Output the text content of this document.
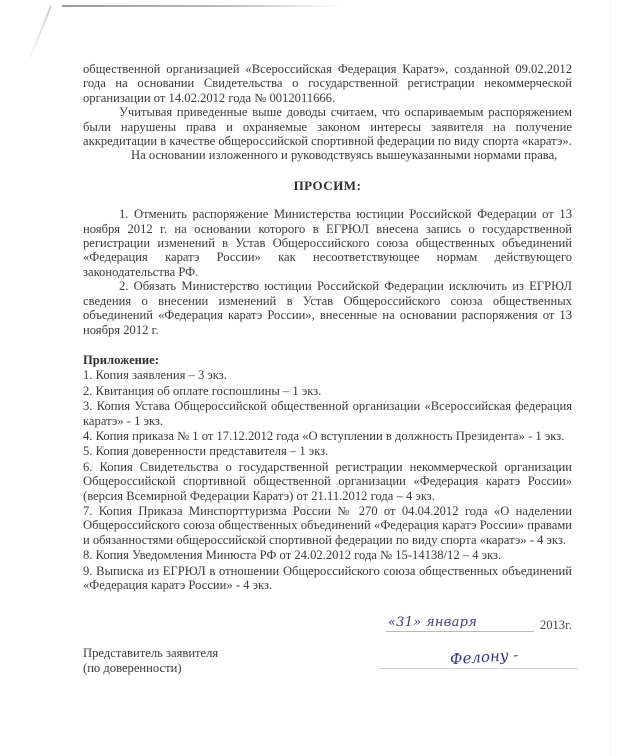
общественной организацией «Всероссийская Федерация Каратэ», созданной 09.02.2012 года на основании Свидетельства о государственной регистрации некоммерческой организации от 14.02.2012 года № 0012011666.

Учитывая приведенные выше доводы считаем, что оспариваемым распоряжением были нарушены права и охраняемые законом интересы заявителя на получение аккредитации в качестве общероссийской спортивной федерации по виду спорта «каратэ».

На основании изложенного и руководствуясь вышеуказанными нормами права,

ПРОСИМ:

1. Отменить распоряжение Министерства юстиции Российской Федерации от 13 ноября 2012 г. на основании которого в ЕГРЮЛ внесена запись о государственной регистрации изменений в Устав Общероссийского союза общественных объединений «Федерация каратэ России» как несоответствующее нормам действующего законодательства РФ.

2. Обязать Министерство юстиции Российской Федерации исключить из ЕГРЮЛ сведения о внесении изменений в Устав Общероссийского союза общественных объединений «Федерация каратэ России», внесенные на основании распоряжения от 13 ноября 2012 г.

Приложение:
1. Копия заявления – 3 экз.
2. Квитанция об оплате госпошлины – 1 экз.
3. Копия Устава Общероссийской общественной организации «Всероссийская федерация каратэ» - 1 экз.
4. Копия приказа № 1 от 17.12.2012 года «О вступлении в должность Президента» - 1 экз.
5. Копия доверенности представителя – 1 экз.
6. Копия Свидетельства о государственной регистрации некоммерческой организации Общероссийской спортивной общественной организации «Федерация каратэ России» (версия Всемирной Федерации Каратэ) от 21.11.2012 года – 4 экз.
7. Копия Приказа Минспорттуризма России № 270 от 04.04.2012 года «О наделении Общероссийского союза общественных объединений «Федерация каратэ России» правами и обязанностями общероссийской спортивной федерации по виду спорта «каратэ» - 4 экз.
8. Копия Уведомления Минюста РФ от 24.02.2012 года № 15-14138/12 – 4 экз.
9. Выписка из ЕГРЮЛ в отношении Общероссийского союза общественных объединений «Федерация каратэ России» - 4 экз.
«31» января	2013г.
Представитель заявителя
(по доверенности)	Фелону -
